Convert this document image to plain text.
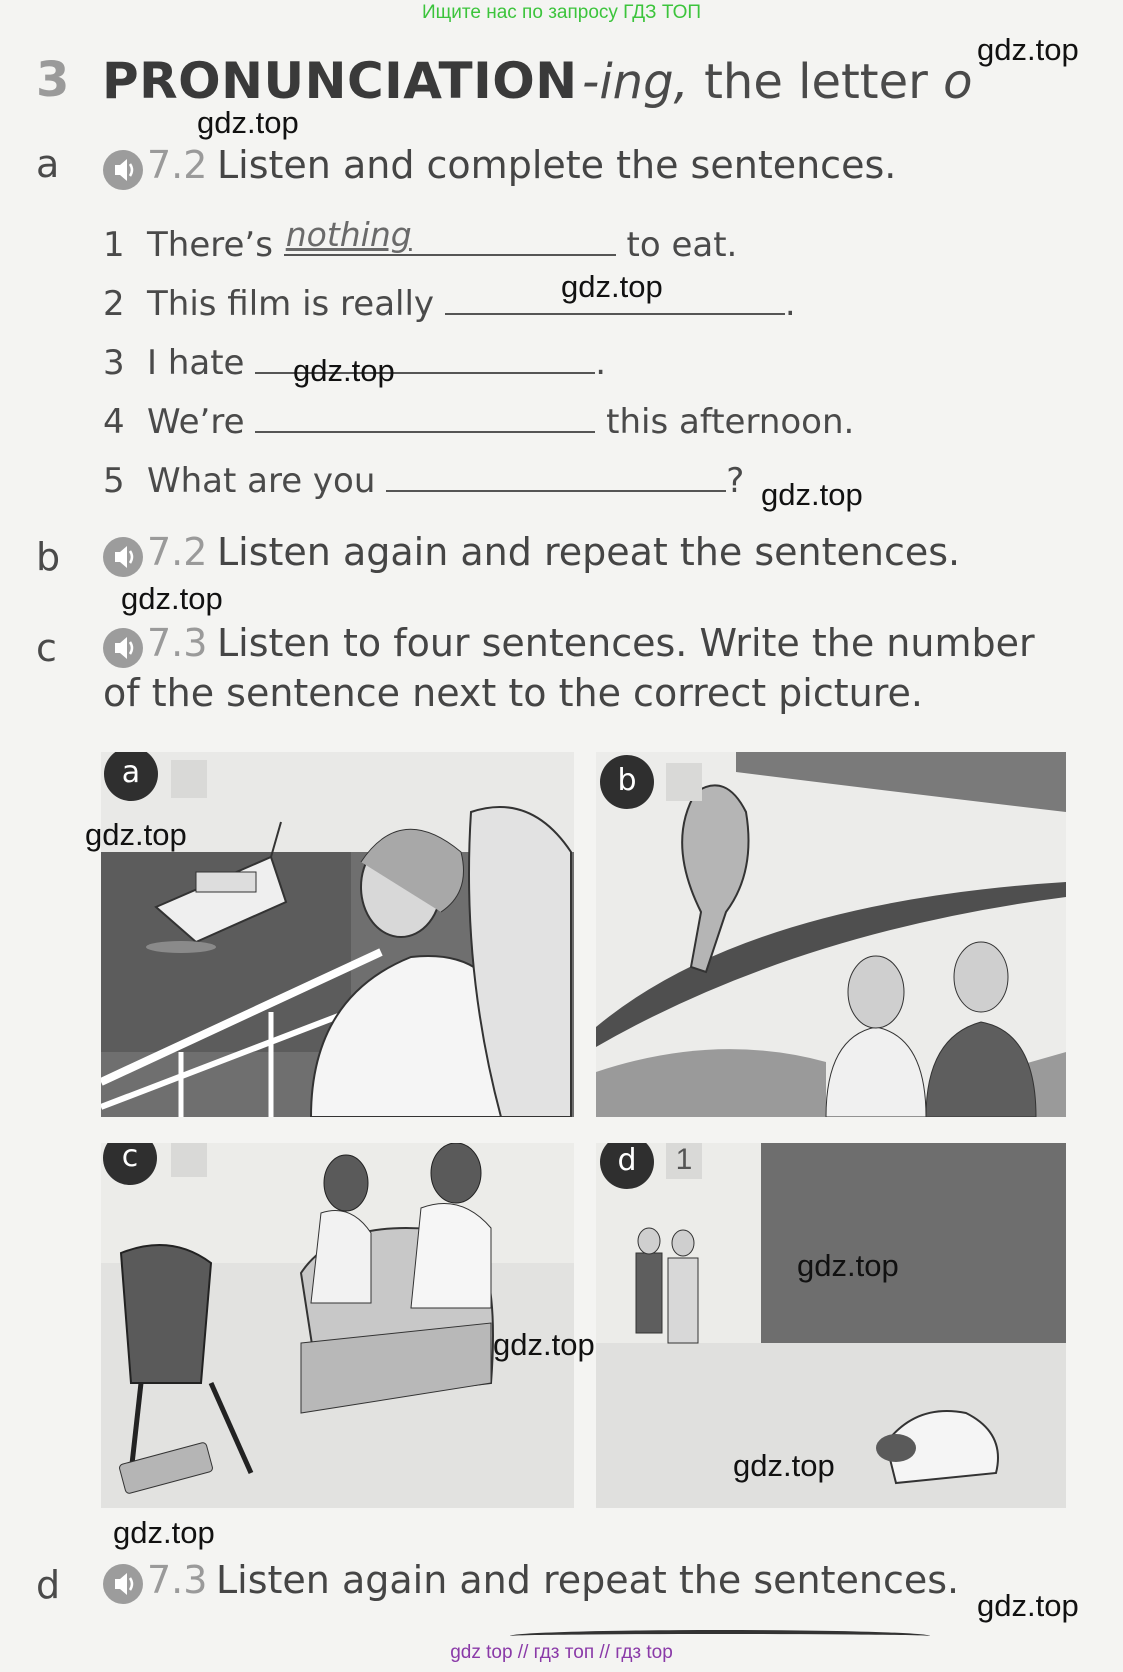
Ищите нас по запросу ГДЗ ТОП
3 PRONUNCIATION -ing, the letter o
a 7.2 Listen and complete the sentences.
1 There’s nothing	to eat.
2 This film is really	.
3 I hate	.
4 We’re	this afternoon.
5 What are you	?
b 7.2 Listen again and repeat the sentences.
c 7.3 Listen to four sentences. Write the number
of the sentence next to the correct picture.
a	b
c	d	1
d 7.3 Listen again and repeat the sentences.
gdz.top
gdz.top
gdz.top
gdz.top
gdz.top
gdz.top
gdz.top
gdz.top
gdz.top
gdz.top
gdz.top
gdz.top
gdz top // гдз топ // гдз top
